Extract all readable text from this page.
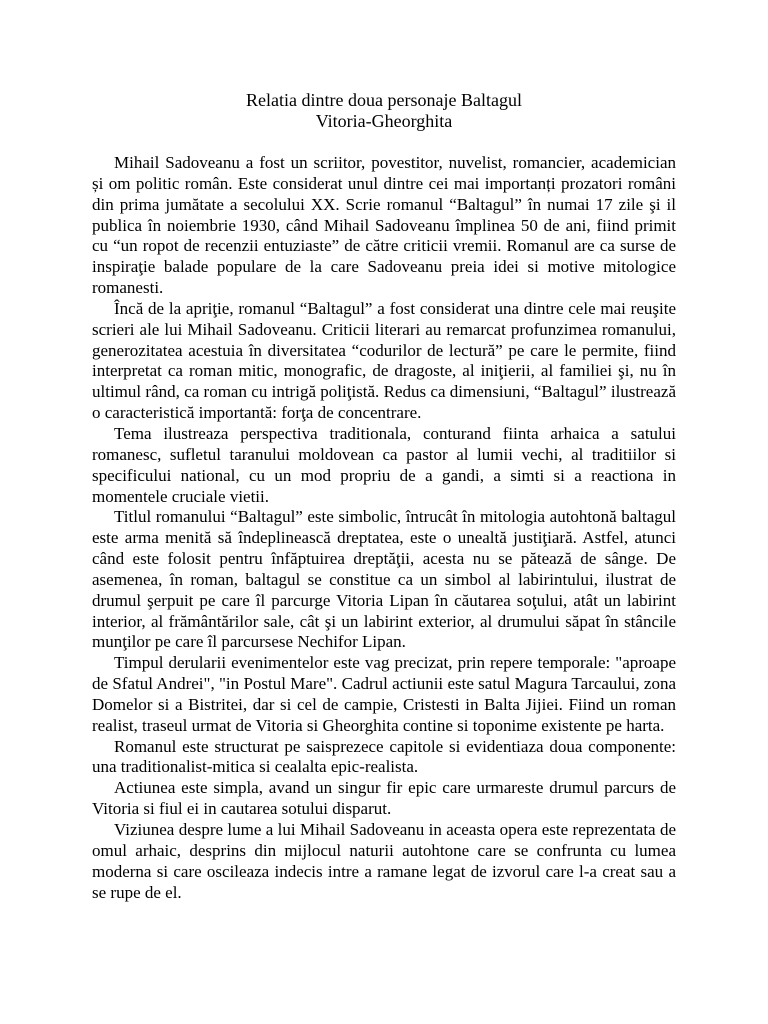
Relatia dintre doua personaje Baltagul
Vitoria-Gheorghita

Mihail Sadoveanu a fost un scriitor, povestitor, nuvelist, romancier, academician și om politic român. Este considerat unul dintre cei mai importanți prozatori români din prima jumătate a secolului XX. Scrie romanul “Baltagul” în numai 17 zile şi il publica în noiembrie 1930, când Mihail Sadoveanu împlinea 50 de ani, fiind primit cu “un ropot de recenzii entuziaste” de către criticii vremii. Romanul are ca surse de inspiraţie balade populare de la care Sadoveanu preia idei si motive mitologice romanesti.

Încă de la apriţie, romanul “Baltagul” a fost considerat una dintre cele mai reuşite scrieri ale lui Mihail Sadoveanu. Criticii literari au remarcat profunzimea romanului, generozitatea acestuia în diversitatea “codurilor de lectură” pe care le permite, fiind interpretat ca roman mitic, monografic, de dragoste, al iniţierii, al familiei şi, nu în ultimul rând, ca roman cu intrigă poliţistă. Redus ca dimensiuni, “Baltagul” ilustrează o caracteristică importantă: forţa de concentrare.

Tema ilustreaza perspectiva traditionala, conturand fiinta arhaica a satului romanesc, sufletul taranului moldovean ca pastor al lumii vechi, al traditiilor si specificului national, cu un mod propriu de a gandi, a simti si a reactiona in momentele cruciale vietii.

Titlul romanului “Baltagul” este simbolic, întrucât în mitologia autohtonă baltagul este arma menită să îndeplinească dreptatea, este o unealtă justiţiară. Astfel, atunci când este folosit pentru înfăptuirea dreptăţii, acesta nu se pătează de sânge. De asemenea, în roman, baltagul se constitue ca un simbol al labirintului, ilustrat de drumul şerpuit pe care îl parcurge Vitoria Lipan în căutarea soţului, atât un labirint interior, al frământărilor sale, cât şi un labirint exterior, al drumului săpat în stâncile munţilor pe care îl parcursese Nechifor Lipan.

Timpul derularii evenimentelor este vag precizat, prin repere temporale: "aproape de Sfatul Andrei", "in Postul Mare". Cadrul actiunii este satul Magura Tarcaului, zona Domelor si a Bistritei, dar si cel de campie, Cristesti in Balta Jijiei. Fiind un roman realist, traseul urmat de Vitoria si Gheorghita contine si toponime existente pe harta.

Romanul este structurat pe saisprezece capitole si evidentiaza doua componente: una traditionalist-mitica si cealalta epic-realista.

Actiunea este simpla, avand un singur fir epic care urmareste drumul parcurs de Vitoria si fiul ei in cautarea sotului disparut.

Viziunea despre lume a lui Mihail Sadoveanu in aceasta opera este reprezentata de omul arhaic, desprins din mijlocul naturii autohtone care se confrunta cu lumea moderna si care oscileaza indecis intre a ramane legat de izvorul care l-a creat sau a se rupe de el.
